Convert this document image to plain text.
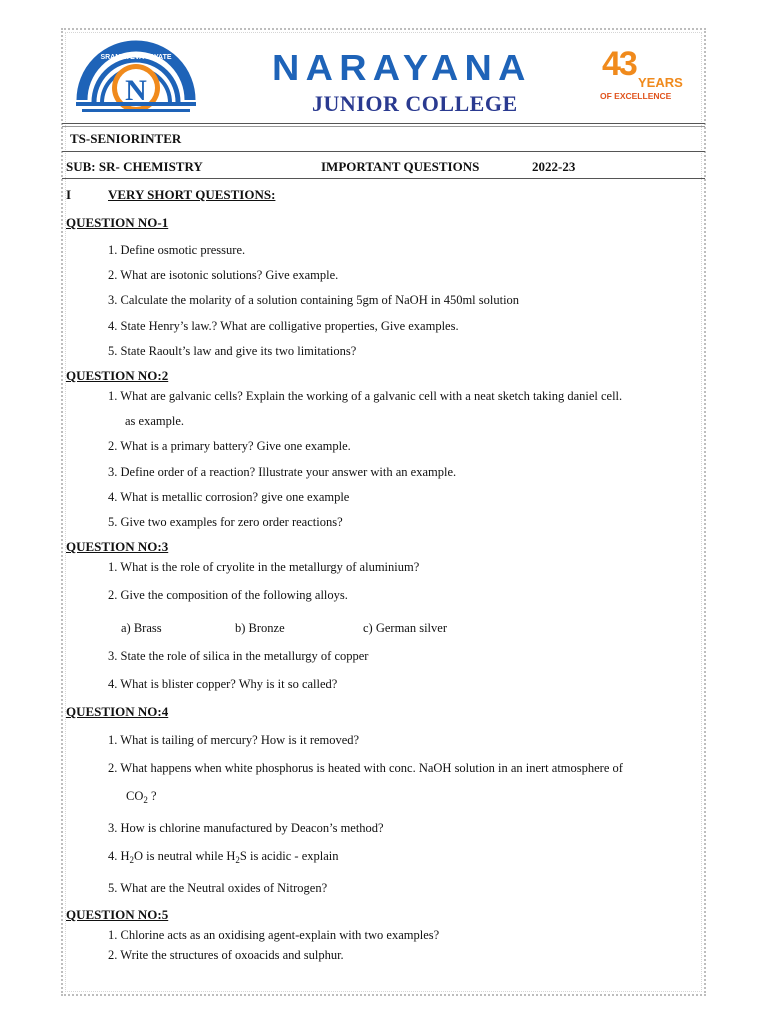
SRAMAYEVA JAYATE
N
NARAYANA
JUNIOR COLLEGE
43 YEARS
OF EXCELLENCE
TS-SENIORINTER
SUB: SR- CHEMISTRY	IMPORTANT QUESTIONS	2022-23
I	VERY SHORT QUESTIONS:
QUESTION NO-1
1. Define osmotic pressure.
2. What are isotonic solutions? Give example.
3. Calculate the molarity of a solution containing 5gm of NaOH in 450ml solution
4. State Henry’s law.? What are colligative properties, Give examples.
5. State Raoult’s law and give its two limitations?
QUESTION NO:2
1. What are galvanic cells? Explain the working of a galvanic cell with a neat sketch taking daniel cell.
as example.
2. What is a primary battery? Give one example.
3. Define order of a reaction? Illustrate your answer with an example.
4. What is metallic corrosion? give one example
5. Give two examples for zero order reactions?
QUESTION NO:3
1. What is the role of cryolite in the metallurgy of aluminium?
2. Give the composition of the following alloys.
a) Brass	b) Bronze	c) German silver
3. State the role of silica in the metallurgy of copper
4. What is blister copper? Why is it so called?
QUESTION NO:4
1. What is tailing of mercury? How is it removed?
2. What happens when white phosphorus is heated with conc. NaOH solution in an inert atmosphere of
$CO_2$ ?
3. How is chlorine manufactured by Deacon’s method?
4. $H_2O$ is neutral while $H_2S$ is acidic - explain
5. What are the Neutral oxides of Nitrogen?
QUESTION NO:5
1. Chlorine acts as an oxidising agent-explain with two examples?
2. Write the structures of oxoacids and sulphur.
